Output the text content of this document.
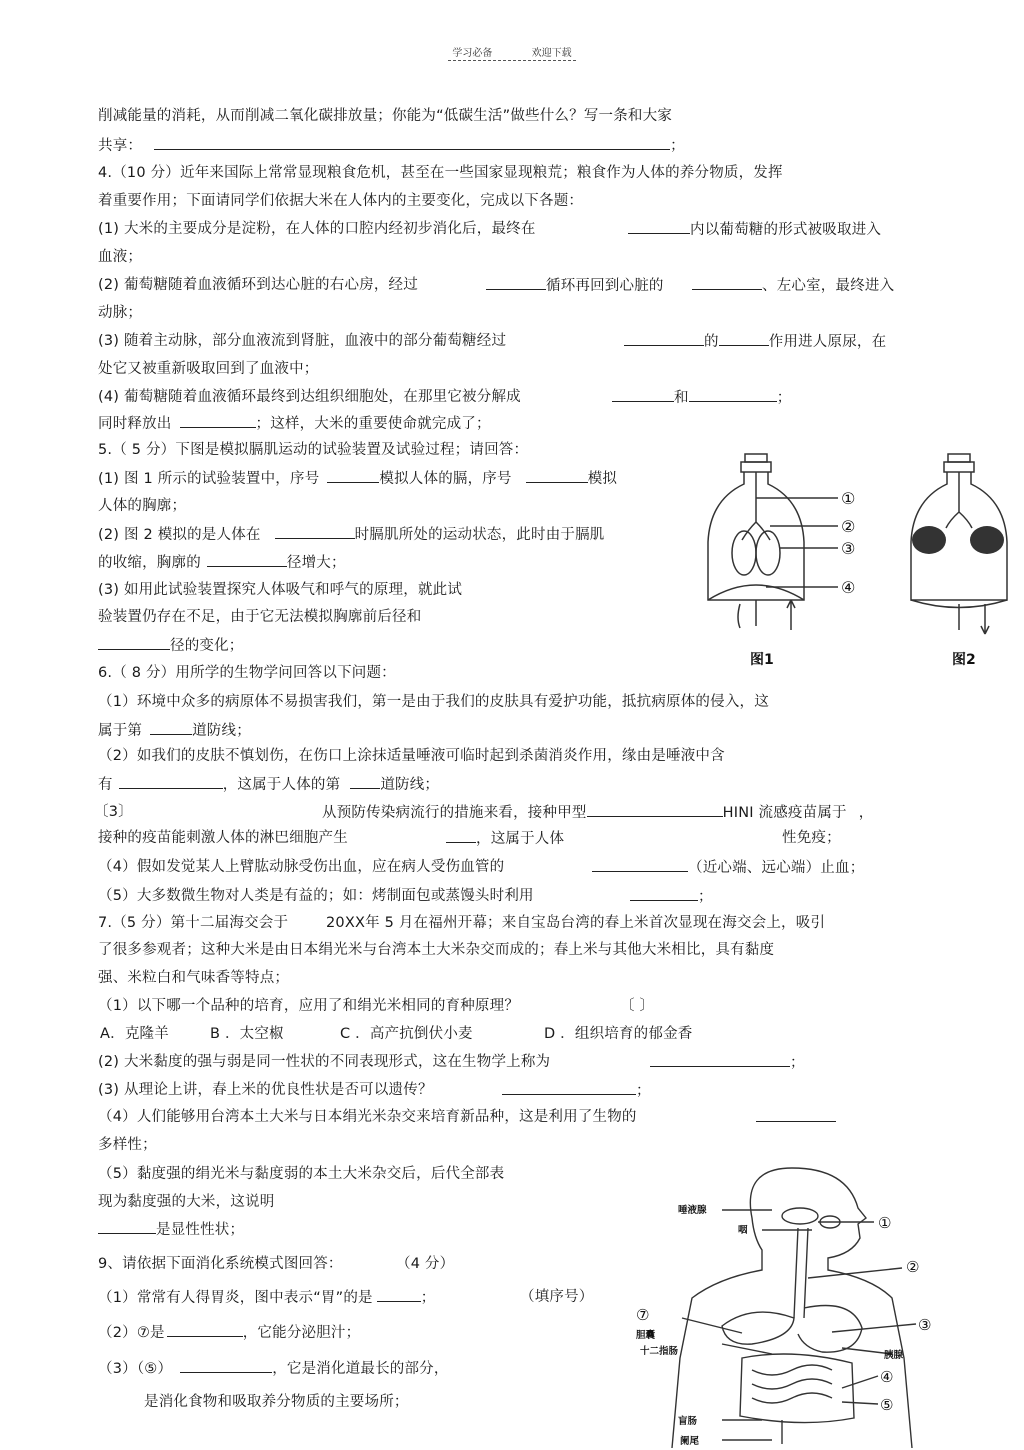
学习必备	欢迎下载
削减能量的消耗，从而削减二氧化碳排放量；你能为“低碳生活”做些什么？写一条和大家
共享：	；
4.（10 分）近年来国际上常常显现粮食危机，甚至在一些国家显现粮荒；粮食作为人体的养分物质，发挥
着重要作用；下面请同学们依据大米在人体内的主要变化，完成以下各题：
(1) 大米的主要成分是淀粉，在人体的口腔内经初步消化后，最终在	内以葡萄糖的形式被吸取进入
血液；
(2) 葡萄糖随着血液循环到达心脏的右心房，经过	循环再回到心脏的	、左心室，最终进入
动脉；
(3) 随着主动脉，部分血液流到肾脏，血液中的部分葡萄糖经过	的	作用进人原尿，在
处它又被重新吸取回到了血液中；
(4) 葡萄糖随着血液循环最终到达组织细胞处，在那里它被分解成	和	；
同时释放出	；这样，大米的重要使命就完成了；
5.（ 5 分）下图是模拟膈肌运动的试验装置及试验过程；请回答：
(1) 图 1 所示的试验装置中，序号	模拟人体的膈，序号	模拟
人体的胸廓；
(2) 图 2 模拟的是人体在	时膈肌所处的运动状态，此时由于膈肌
的收缩，胸廓的	径增大；
(3) 如用此试验装置探究人体吸气和呼气的原理，就此试
验装置仍存在不足，由于它无法模拟胸廓前后径和
径的变化；
6.（ 8 分）用所学的生物学问回答以下问题：
（1）环境中众多的病原体不易损害我们，第一是由于我们的皮肤具有爱护功能，抵抗病原体的侵入，这
属于第	道防线；
（2）如我们的皮肤不慎划伤，在伤口上涂抹适量唾液可临时起到杀菌消炎作用，缘由是唾液中含
有	，这属于人体的第	道防线；
〔3〕	从预防传染病流行的措施来看，接种甲型	HINI 流感疫苗属于 ，
接种的疫苗能刺激人体的淋巴细胞产生	，这属于人体	性免疫；
（4）假如发觉某人上臂肱动脉受伤出血，应在病人受伤血管的	（近心端、远心端）止血；
（5）大多数微生物对人类是有益的；如：烤制面包或蒸馒头时利用	；
7.（5 分）第十二届海交会于	20XX年 5 月在福州开幕；来自宝岛台湾的春上米首次显现在海交会上，吸引
了很多参观者；这种大米是由日本绢光米与台湾本土大米杂交而成的；春上米与其他大米相比，具有黏度
强、米粒白和气味香等特点；
（1）以下哪一个品种的培育，应用了和绢光米相同的育种原理？	〔 〕
A．克隆羊	B ．太空椒	C ．高产抗倒伏小麦	D ．组织培育的郁金香
(2) 大米黏度的强与弱是同一性状的不同表现形式，这在生物学上称为	；
(3) 从理论上讲，春上米的优良性状是否可以遗传？	；
（4）人们能够用台湾本土大米与日本绢光米杂交来培育新品种，这是利用了生物的
多样性；
（5）黏度强的绢光米与黏度弱的本土大米杂交后，后代全部表
现为黏度强的大米，这说明
是显性性状；
9、请依据下面消化系统模式图回答：	（4 分）
（1）常常有人得胃炎，图中表示“胃”的是	；	（填序号）
（2）⑦是	，它能分泌胆汁；
（3）（⑤）	，它是消化道最长的部分，
是消化食物和吸取养分物质的主要场所；
①
②
③
④
图1	图2
唾液腺
咽
胆囊
十二指肠	胰腺
盲肠
阑尾
①
②
③
④
⑤
⑦
